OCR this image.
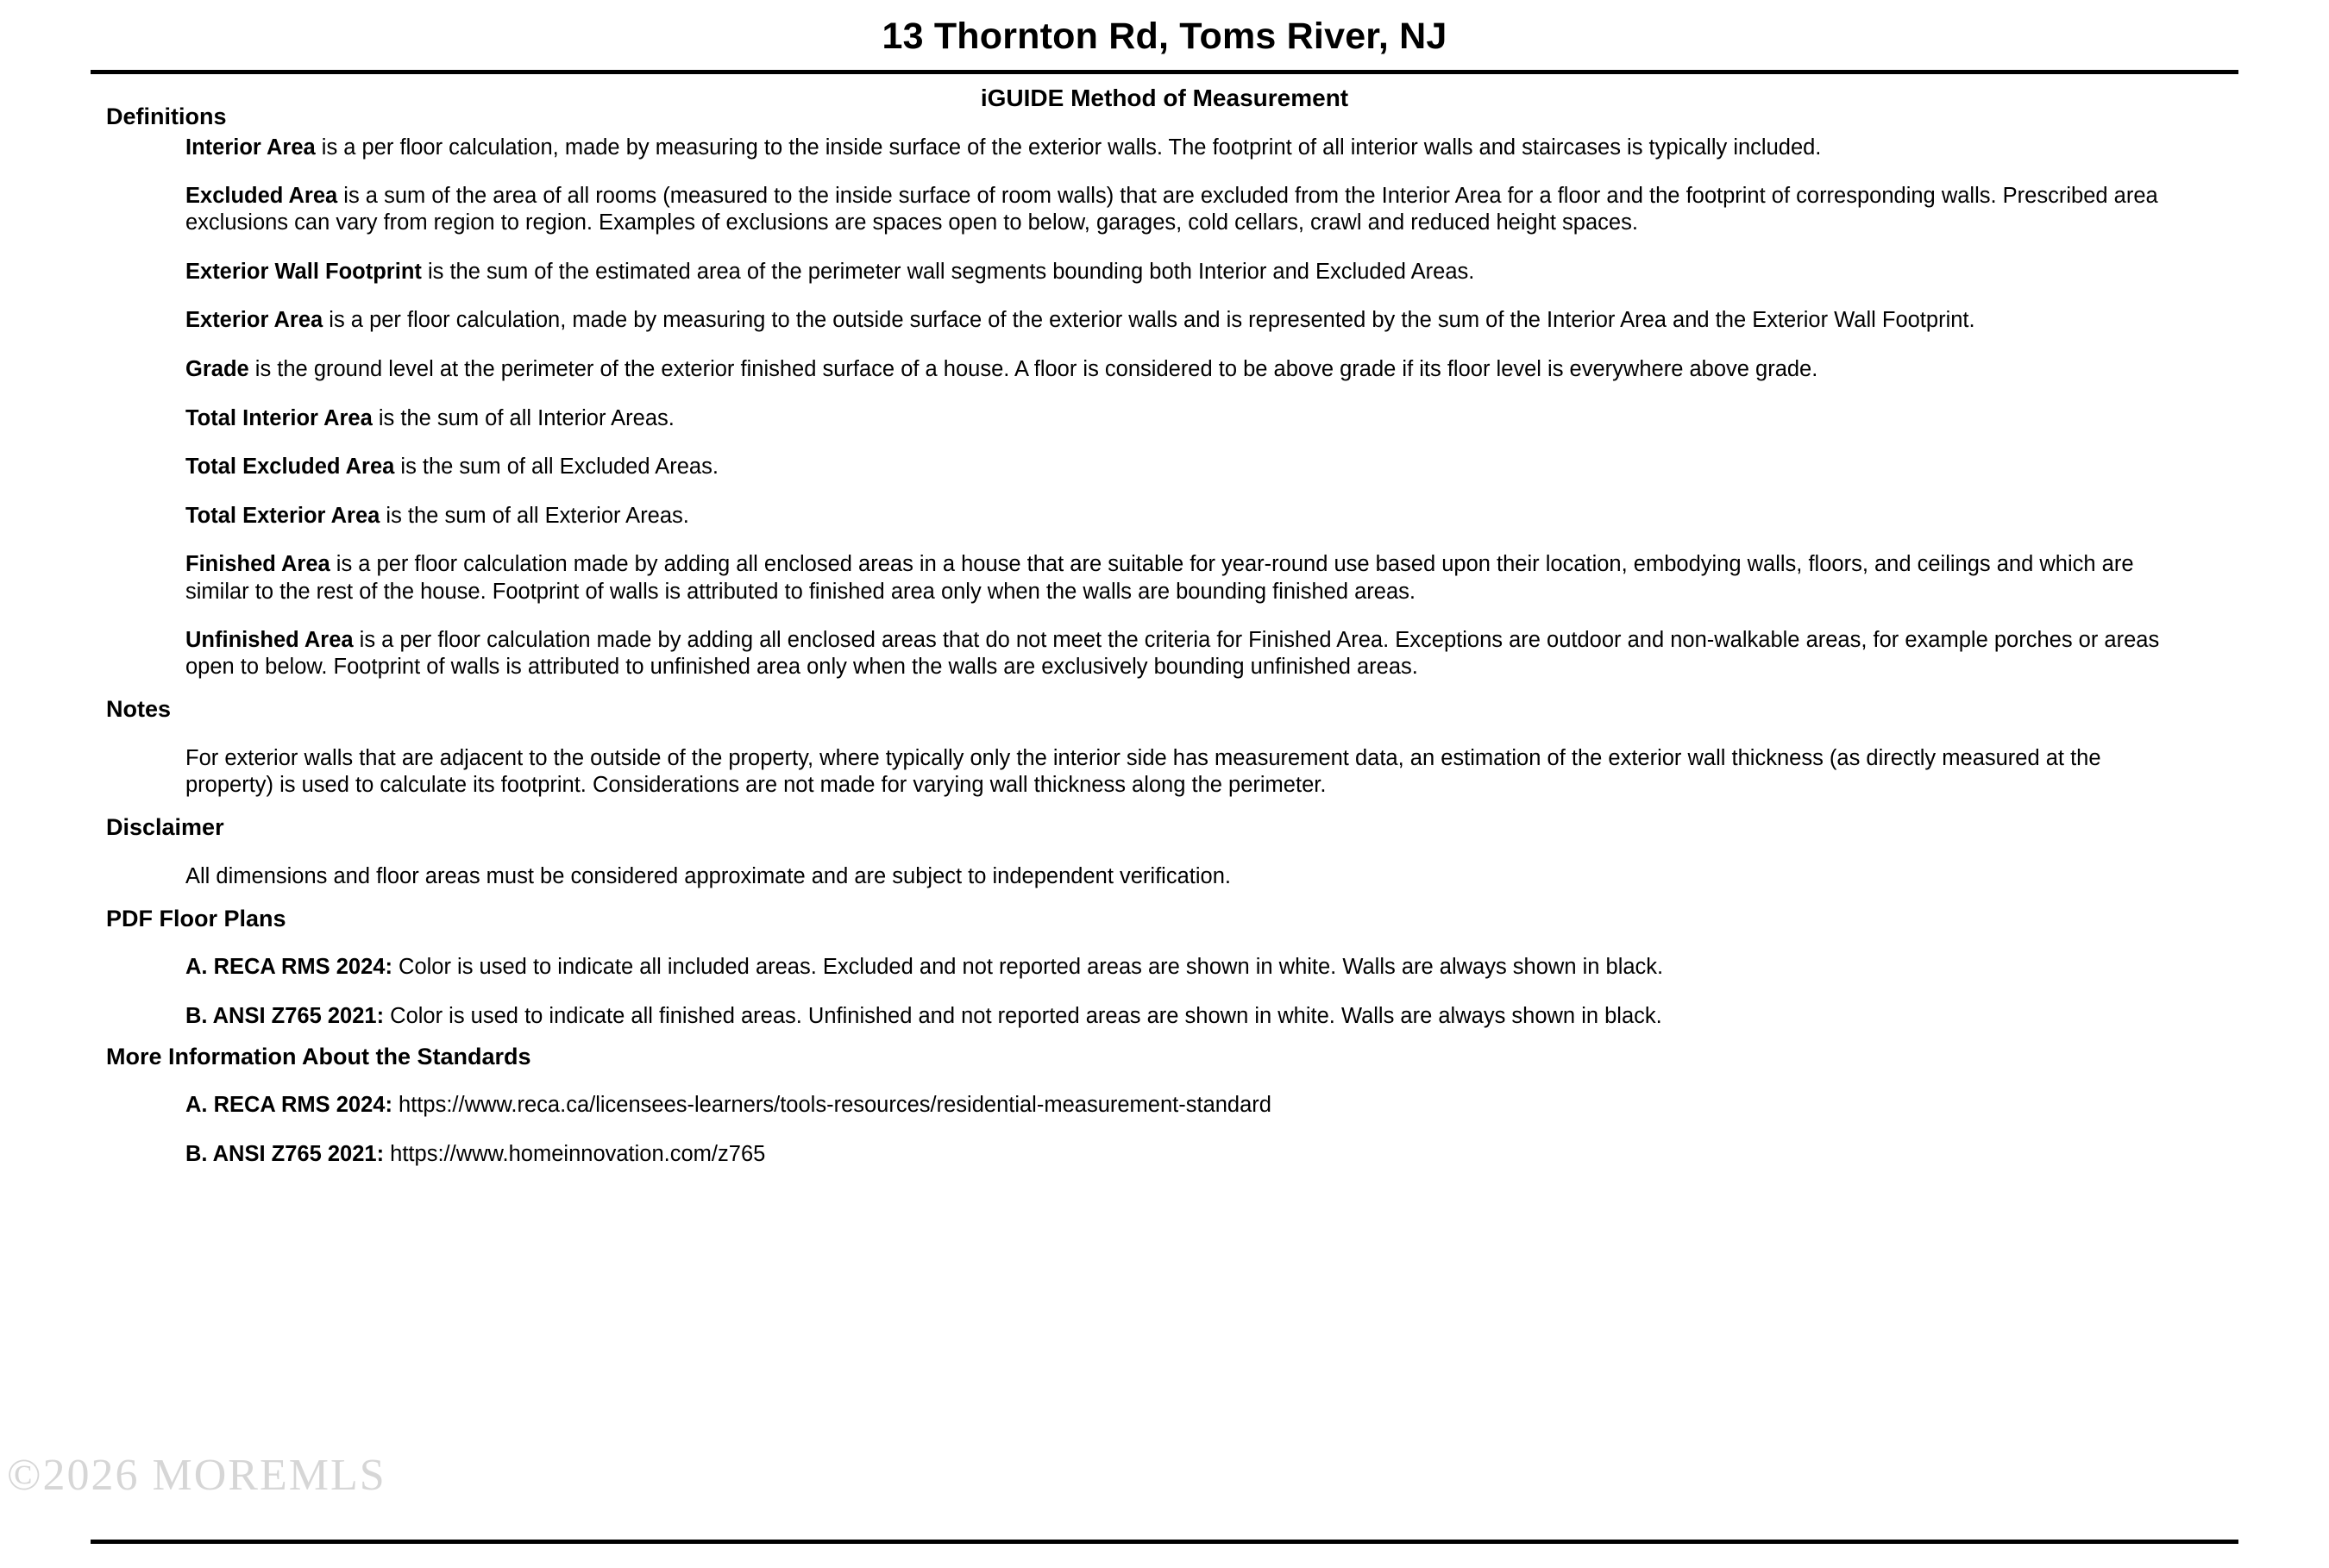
13 Thornton Rd, Toms River, NJ
iGUIDE Method of Measurement
Definitions

Interior Area is a per floor calculation, made by measuring to the inside surface of the exterior walls. The footprint of all interior walls and staircases is typically included.

Excluded Area is a sum of the area of all rooms (measured to the inside surface of room walls) that are excluded from the Interior Area for a floor and the footprint of corresponding walls. Prescribed area exclusions can vary from region to region. Examples of exclusions are spaces open to below, garages, cold cellars, crawl and reduced height spaces.

Exterior Wall Footprint is the sum of the estimated area of the perimeter wall segments bounding both Interior and Excluded Areas.

Exterior Area is a per floor calculation, made by measuring to the outside surface of the exterior walls and is represented by the sum of the Interior Area and the Exterior Wall Footprint.

Grade is the ground level at the perimeter of the exterior finished surface of a house. A floor is considered to be above grade if its floor level is everywhere above grade.

Total Interior Area is the sum of all Interior Areas.

Total Excluded Area is the sum of all Excluded Areas.

Total Exterior Area is the sum of all Exterior Areas.

Finished Area is a per floor calculation made by adding all enclosed areas in a house that are suitable for year-round use based upon their location, embodying walls, floors, and ceilings and which are similar to the rest of the house. Footprint of walls is attributed to finished area only when the walls are bounding finished areas.

Unfinished Area is a per floor calculation made by adding all enclosed areas that do not meet the criteria for Finished Area. Exceptions are outdoor and non-walkable areas, for example porches or areas open to below. Footprint of walls is attributed to unfinished area only when the walls are exclusively bounding unfinished areas.

Notes

For exterior walls that are adjacent to the outside of the property, where typically only the interior side has measurement data, an estimation of the exterior wall thickness (as directly measured at the property) is used to calculate its footprint. Considerations are not made for varying wall thickness along the perimeter.

Disclaimer

All dimensions and floor areas must be considered approximate and are subject to independent verification.

PDF Floor Plans

A. RECA RMS 2024: Color is used to indicate all included areas. Excluded and not reported areas are shown in white. Walls are always shown in black.

B. ANSI Z765 2021: Color is used to indicate all finished areas. Unfinished and not reported areas are shown in white. Walls are always shown in black.

More Information About the Standards

A. RECA RMS 2024: https://www.reca.ca/licensees-learners/tools-resources/residential-measurement-standard

B. ANSI Z765 2021: https://www.homeinnovation.com/z765

©2026 MOREMLS
